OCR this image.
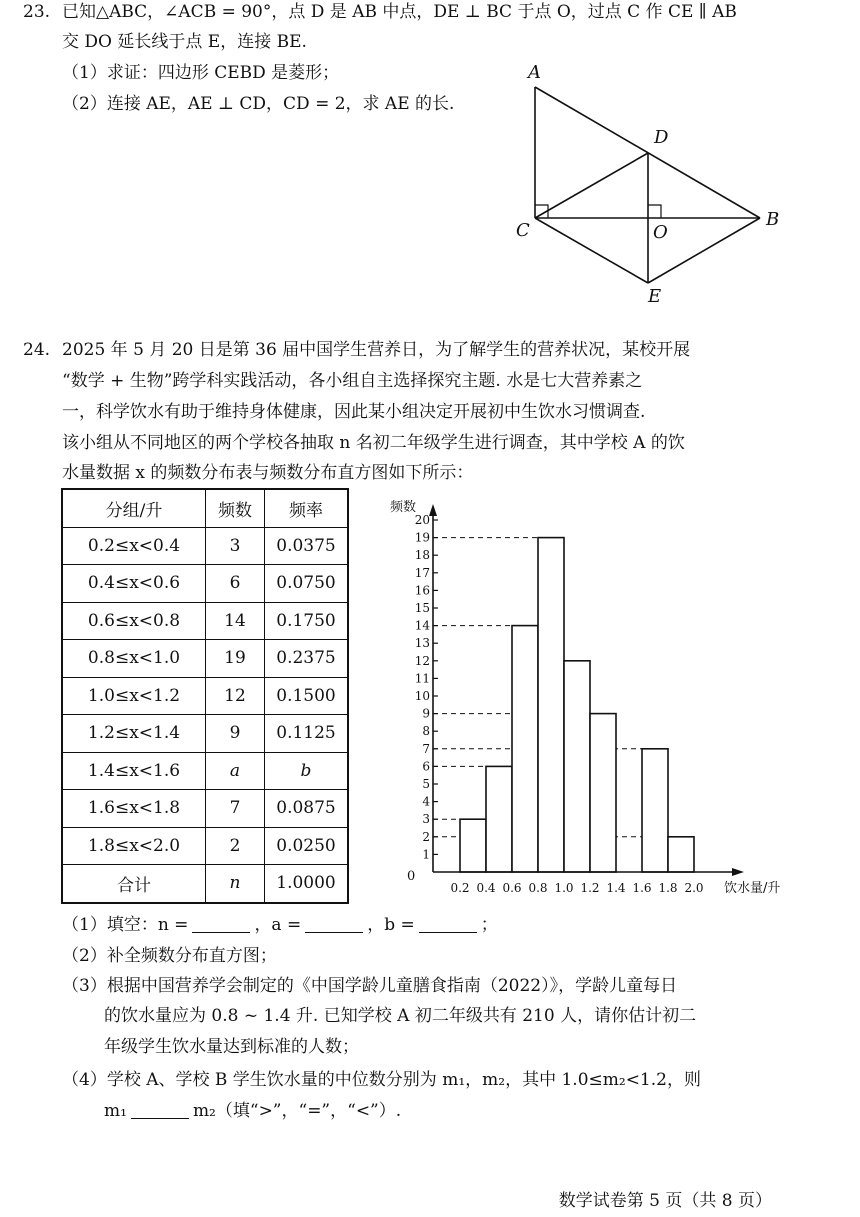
23. 已知△ABC，∠ACB = 90°，点 D 是 AB 中点，DE ⊥ BC 于点 O，过点 C 作 CE ∥ AB
交 DO 延长线于点 E，连接 BE.
（1）求证：四边形 CEBD 是菱形；
（2）连接 AE，AE ⊥ CD，CD = 2，求 AE 的长.
A
D
C	O
B
E
24. 2025 年 5 月 20 日是第 36 届中国学生营养日，为了解学生的营养状况，某校开展
“数学 + 生物”跨学科实践活动，各小组自主选择探究主题. 水是七大营养素之
一，科学饮水有助于维持身体健康，因此某小组决定开展初中生饮水习惯调查.
该小组从不同地区的两个学校各抽取 n 名初二年级学生进行调查，其中学校 A 的饮
水量数据 x 的频数分布表与频数分布直方图如下所示：
分组/升	频数	频率
0.2≤x<0.4	3	0.0375
0.4≤x<0.6	6	0.0750
0.6≤x<0.8	14	0.1750
0.8≤x<1.0	19	0.2375
1.0≤x<1.2	12	0.1500
1.2≤x<1.4	9	0.1125
1.4≤x<1.6	a	b
1.6≤x<1.8	7	0.0875
1.8≤x<2.0	2	0.0250
合计	n	1.0000
1
2
3
4
5
6
7
8
9
10
11
12
13
14
15
16
17
18
19
20
0.2 0.4 0.6 0.8 1.0 1.2 1.4 1.6 1.8 2.0
0
频数
饮水量/升
（1）填空：n =	，a =	，b =	；
（2）补全频数分布直方图；
（3）根据中国营养学会制定的《中国学龄儿童膳食指南（2022）》，学龄儿童每日
的饮水量应为 0.8 ~ 1.4 升. 已知学校 A 初二年级共有 210 人，请你估计初二
年级学生饮水量达到标准的人数；
（4）学校 A、学校 B 学生饮水量的中位数分别为 m₁，m₂，其中 1.0≤m₂<1.2，则
m₁	m₂（填“>”，“=”，“<”）.
数学试卷第 5 页（共 8 页）
